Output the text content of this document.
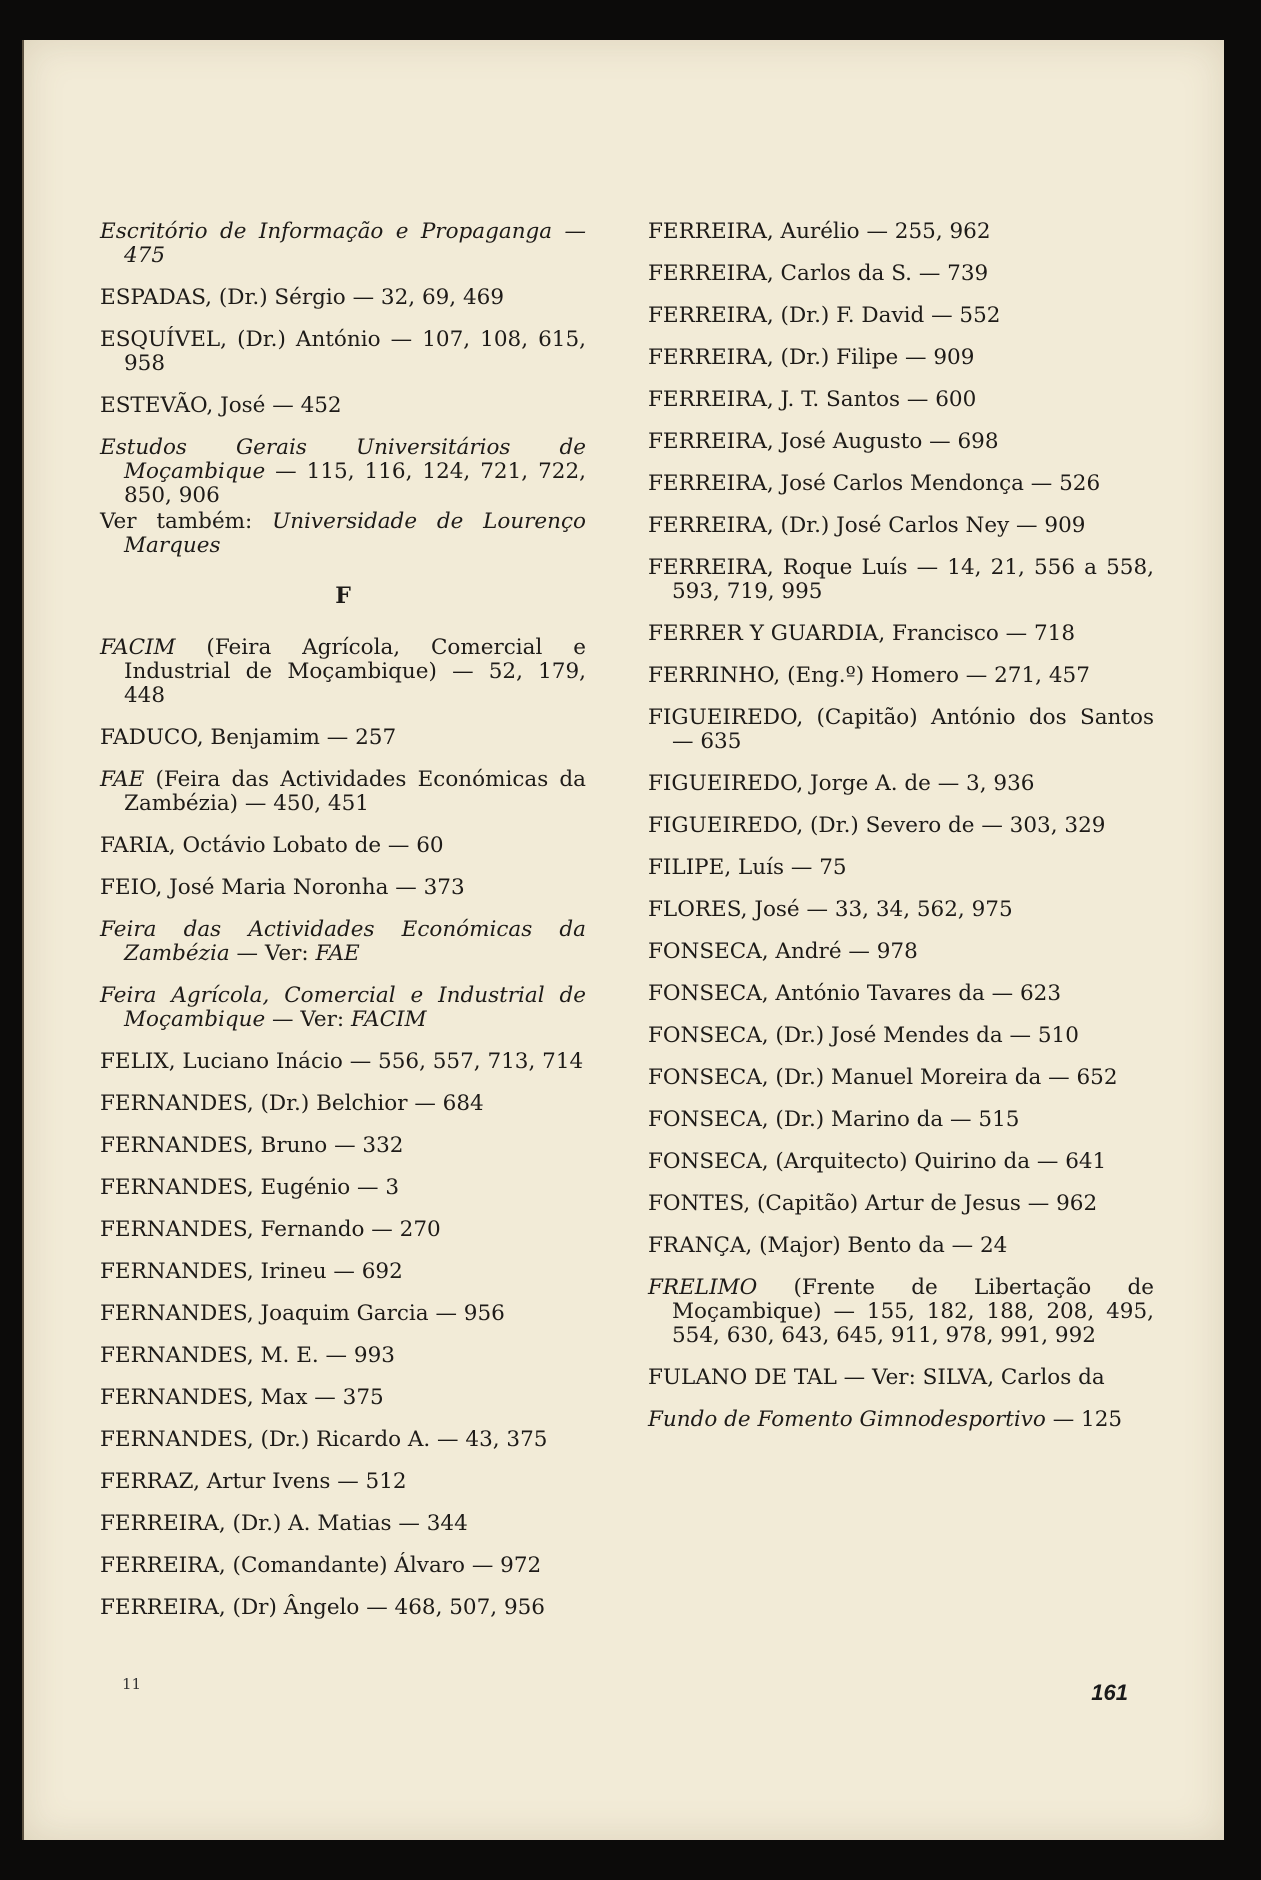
Escritório de Informação e Propaganga — 475
ESPADAS, (Dr.) Sérgio — 32, 69, 469
ESQUÍVEL, (Dr.) António — 107, 108, 615, 958
ESTEVÃO, José — 452
Estudos Gerais Universitários de Moçambique — 115, 116, 124, 721, 722, 850, 906
Ver também: Universidade de Lourenço Marques
F
FACIM (Feira Agrícola, Comercial e Industrial de Moçambique) — 52, 179, 448
FADUCO, Benjamim — 257
FAE (Feira das Actividades Económicas da Zambézia) — 450, 451
FARIA, Octávio Lobato de — 60
FEIO, José Maria Noronha — 373
Feira das Actividades Económicas da Zambézia — Ver: FAE
Feira Agrícola, Comercial e Industrial de Moçambique — Ver: FACIM
FELIX, Luciano Inácio — 556, 557, 713, 714
FERNANDES, (Dr.) Belchior — 684
FERNANDES, Bruno — 332
FERNANDES, Eugénio — 3
FERNANDES, Fernando — 270
FERNANDES, Irineu — 692
FERNANDES, Joaquim Garcia — 956
FERNANDES, M. E. — 993
FERNANDES, Max — 375
FERNANDES, (Dr.) Ricardo A. — 43, 375
FERRAZ, Artur Ivens — 512
FERREIRA, (Dr.) A. Matias — 344
FERREIRA, (Comandante) Álvaro — 972
FERREIRA, (Dr) Ângelo — 468, 507, 956
FERREIRA, Aurélio — 255, 962
FERREIRA, Carlos da S. — 739
FERREIRA, (Dr.) F. David — 552
FERREIRA, (Dr.) Filipe — 909
FERREIRA, J. T. Santos — 600
FERREIRA, José Augusto — 698
FERREIRA, José Carlos Mendonça — 526
FERREIRA, (Dr.) José Carlos Ney — 909
FERREIRA, Roque Luís — 14, 21, 556 a 558, 593, 719, 995
FERRER Y GUARDIA, Francisco — 718
FERRINHO, (Eng.º) Homero — 271, 457
FIGUEIREDO, (Capitão) António dos Santos — 635
FIGUEIREDO, Jorge A. de — 3, 936
FIGUEIREDO, (Dr.) Severo de — 303, 329
FILIPE, Luís — 75
FLORES, José — 33, 34, 562, 975
FONSECA, André — 978
FONSECA, António Tavares da — 623
FONSECA, (Dr.) José Mendes da — 510
FONSECA, (Dr.) Manuel Moreira da — 652
FONSECA, (Dr.) Marino da — 515
FONSECA, (Arquitecto) Quirino da — 641
FONTES, (Capitão) Artur de Jesus — 962
FRANÇA, (Major) Bento da — 24
FRELIMO (Frente de Libertação de Moçambique) — 155, 182, 188, 208, 495, 554, 630, 643, 645, 911, 978, 991, 992
FULANO DE TAL — Ver: SILVA, Carlos da
Fundo de Fomento Gimnodesportivo — 125
11	161
